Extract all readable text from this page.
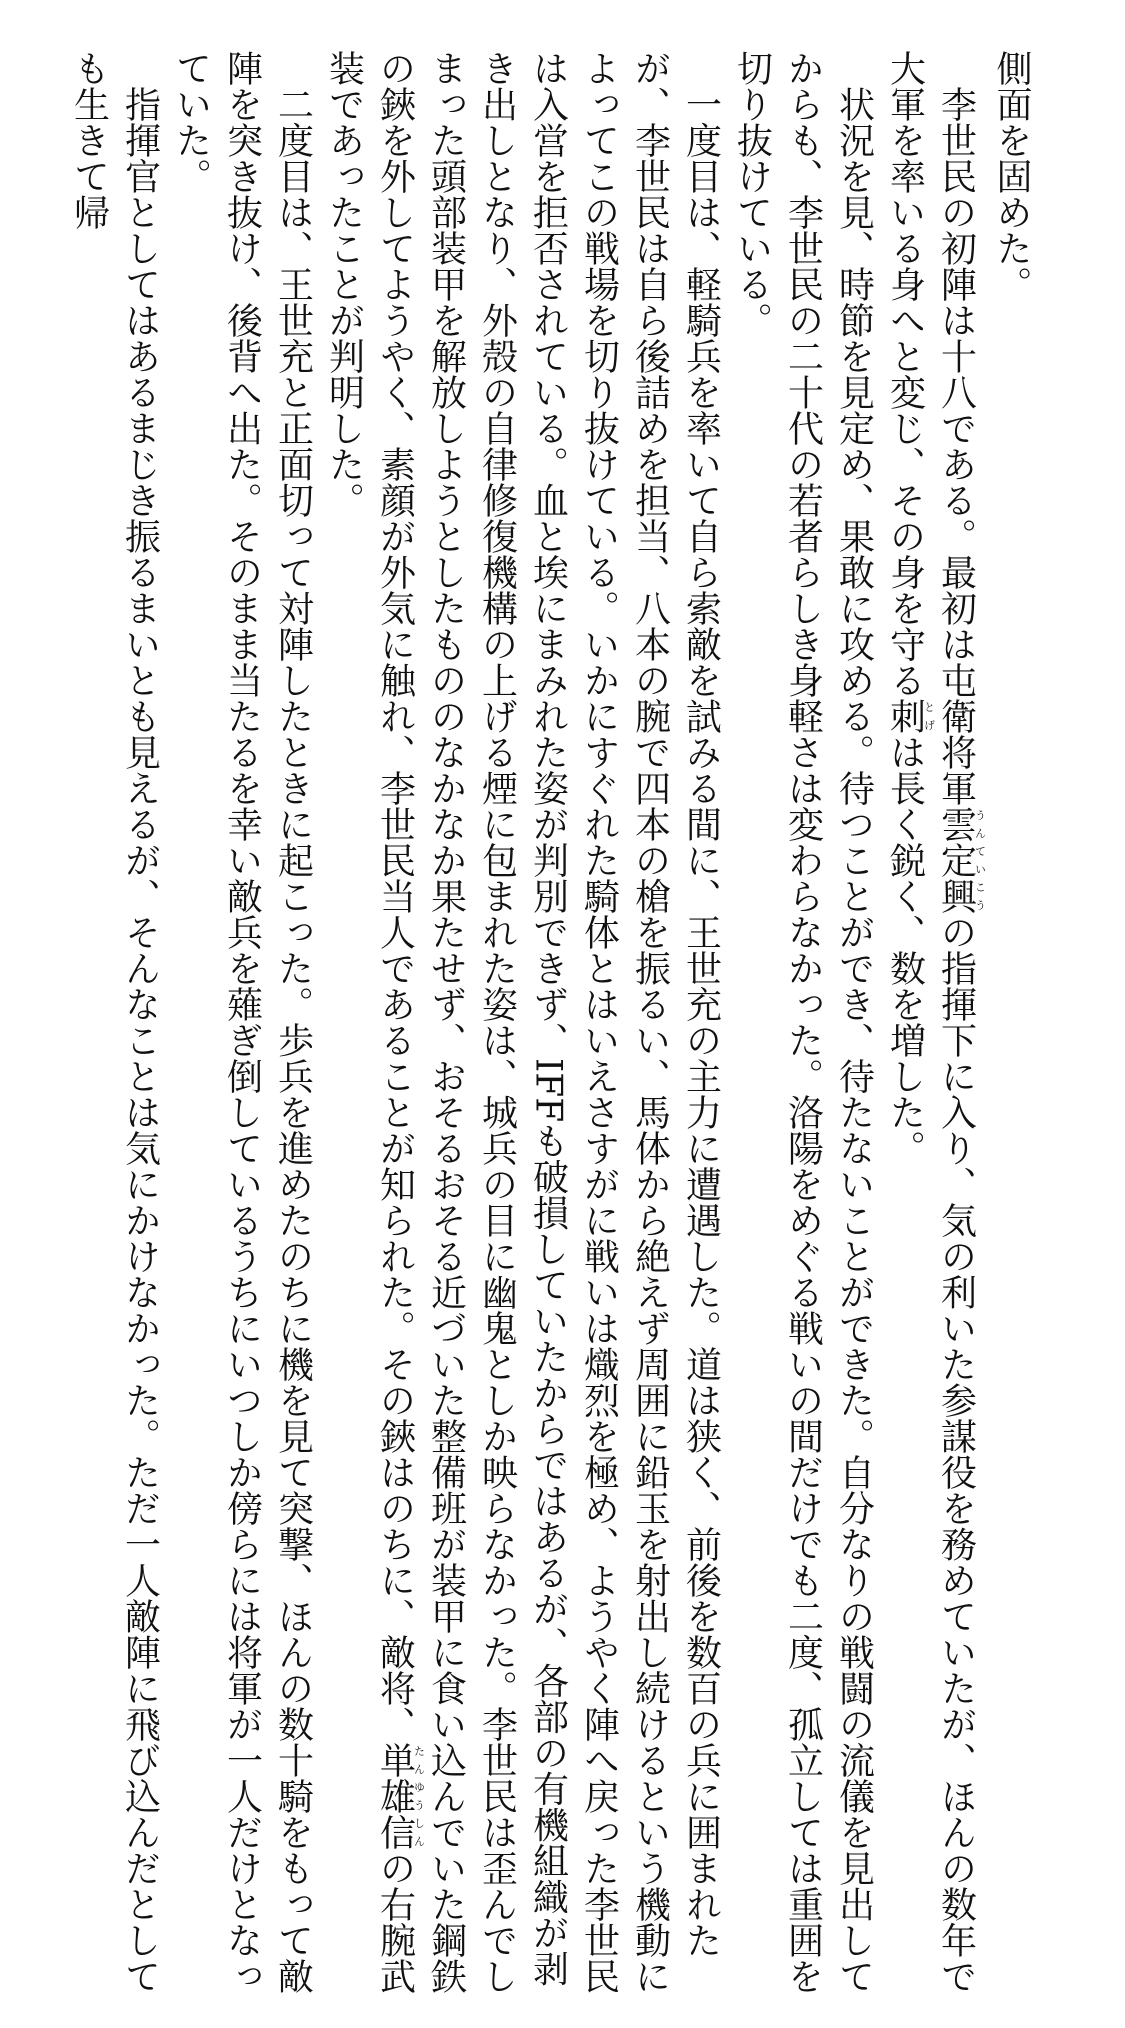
側面を固めた。

李世民の初陣は十八である。最初は屯衛将軍雲定興うんていこうの指揮下に入り、気の利いた参謀役を務めていたが、ほんの数年で大軍を率いる身へと変じ、その身を守る刺とげは長く鋭く、数を増した。

状況を見、時節を見定め、果敢に攻める。待つことができ、待たないことができた。自分なりの戦闘の流儀を見出してからも、李世民の二十代の若者らしき身軽さは変わらなかった。洛陽をめぐる戦いの間だけでも二度、孤立しては重囲を切り抜けている。

一度目は、軽騎兵を率いて自ら索敵を試みる間に、王世充の主力に遭遇した。道は狭く、前後を数百の兵に囲まれたが、李世民は自ら後詰めを担当、八本の腕で四本の槍を振るい、馬体から絶えず周囲に鉛玉を射出し続けるという機動によってこの戦場を切り抜けている。いかにすぐれた騎体とはいえさすがに戦いは熾烈を極め、ようやく陣へ戻った李世民は入営を拒否されている。血と埃にまみれた姿が判別できず、IFFも破損していたからではあるが、各部の有機組織が剥き出しとなり、外殻の自律修復機構の上げる煙に包まれた姿は、城兵の目に幽鬼としか映らなかった。李世民は歪んでしまった頭部装甲を解放しようとしたもののなかなか果たせず、おそるおそる近づいた整備班が装甲に食い込んでいた鋼鉄の鋏を外してようやく、素顔が外気に触れ、李世民当人であることが知られた。その鋏はのちに、敵将、単雄信たんゆうしんの右腕武装であったことが判明した。

二度目は、王世充と正面切って対陣したときに起こった。歩兵を進めたのちに機を見て突撃、ほんの数十騎をもって敵陣を突き抜け、後背へ出た。そのまま当たるを幸い敵兵を薙ぎ倒しているうちにいつしか傍らには将軍が一人だけとなっていた。

指揮官としてはあるまじき振るまいとも見えるが、そんなことは気にかけなかった。ただ一人敵陣に飛び込んだとしても生きて帰
